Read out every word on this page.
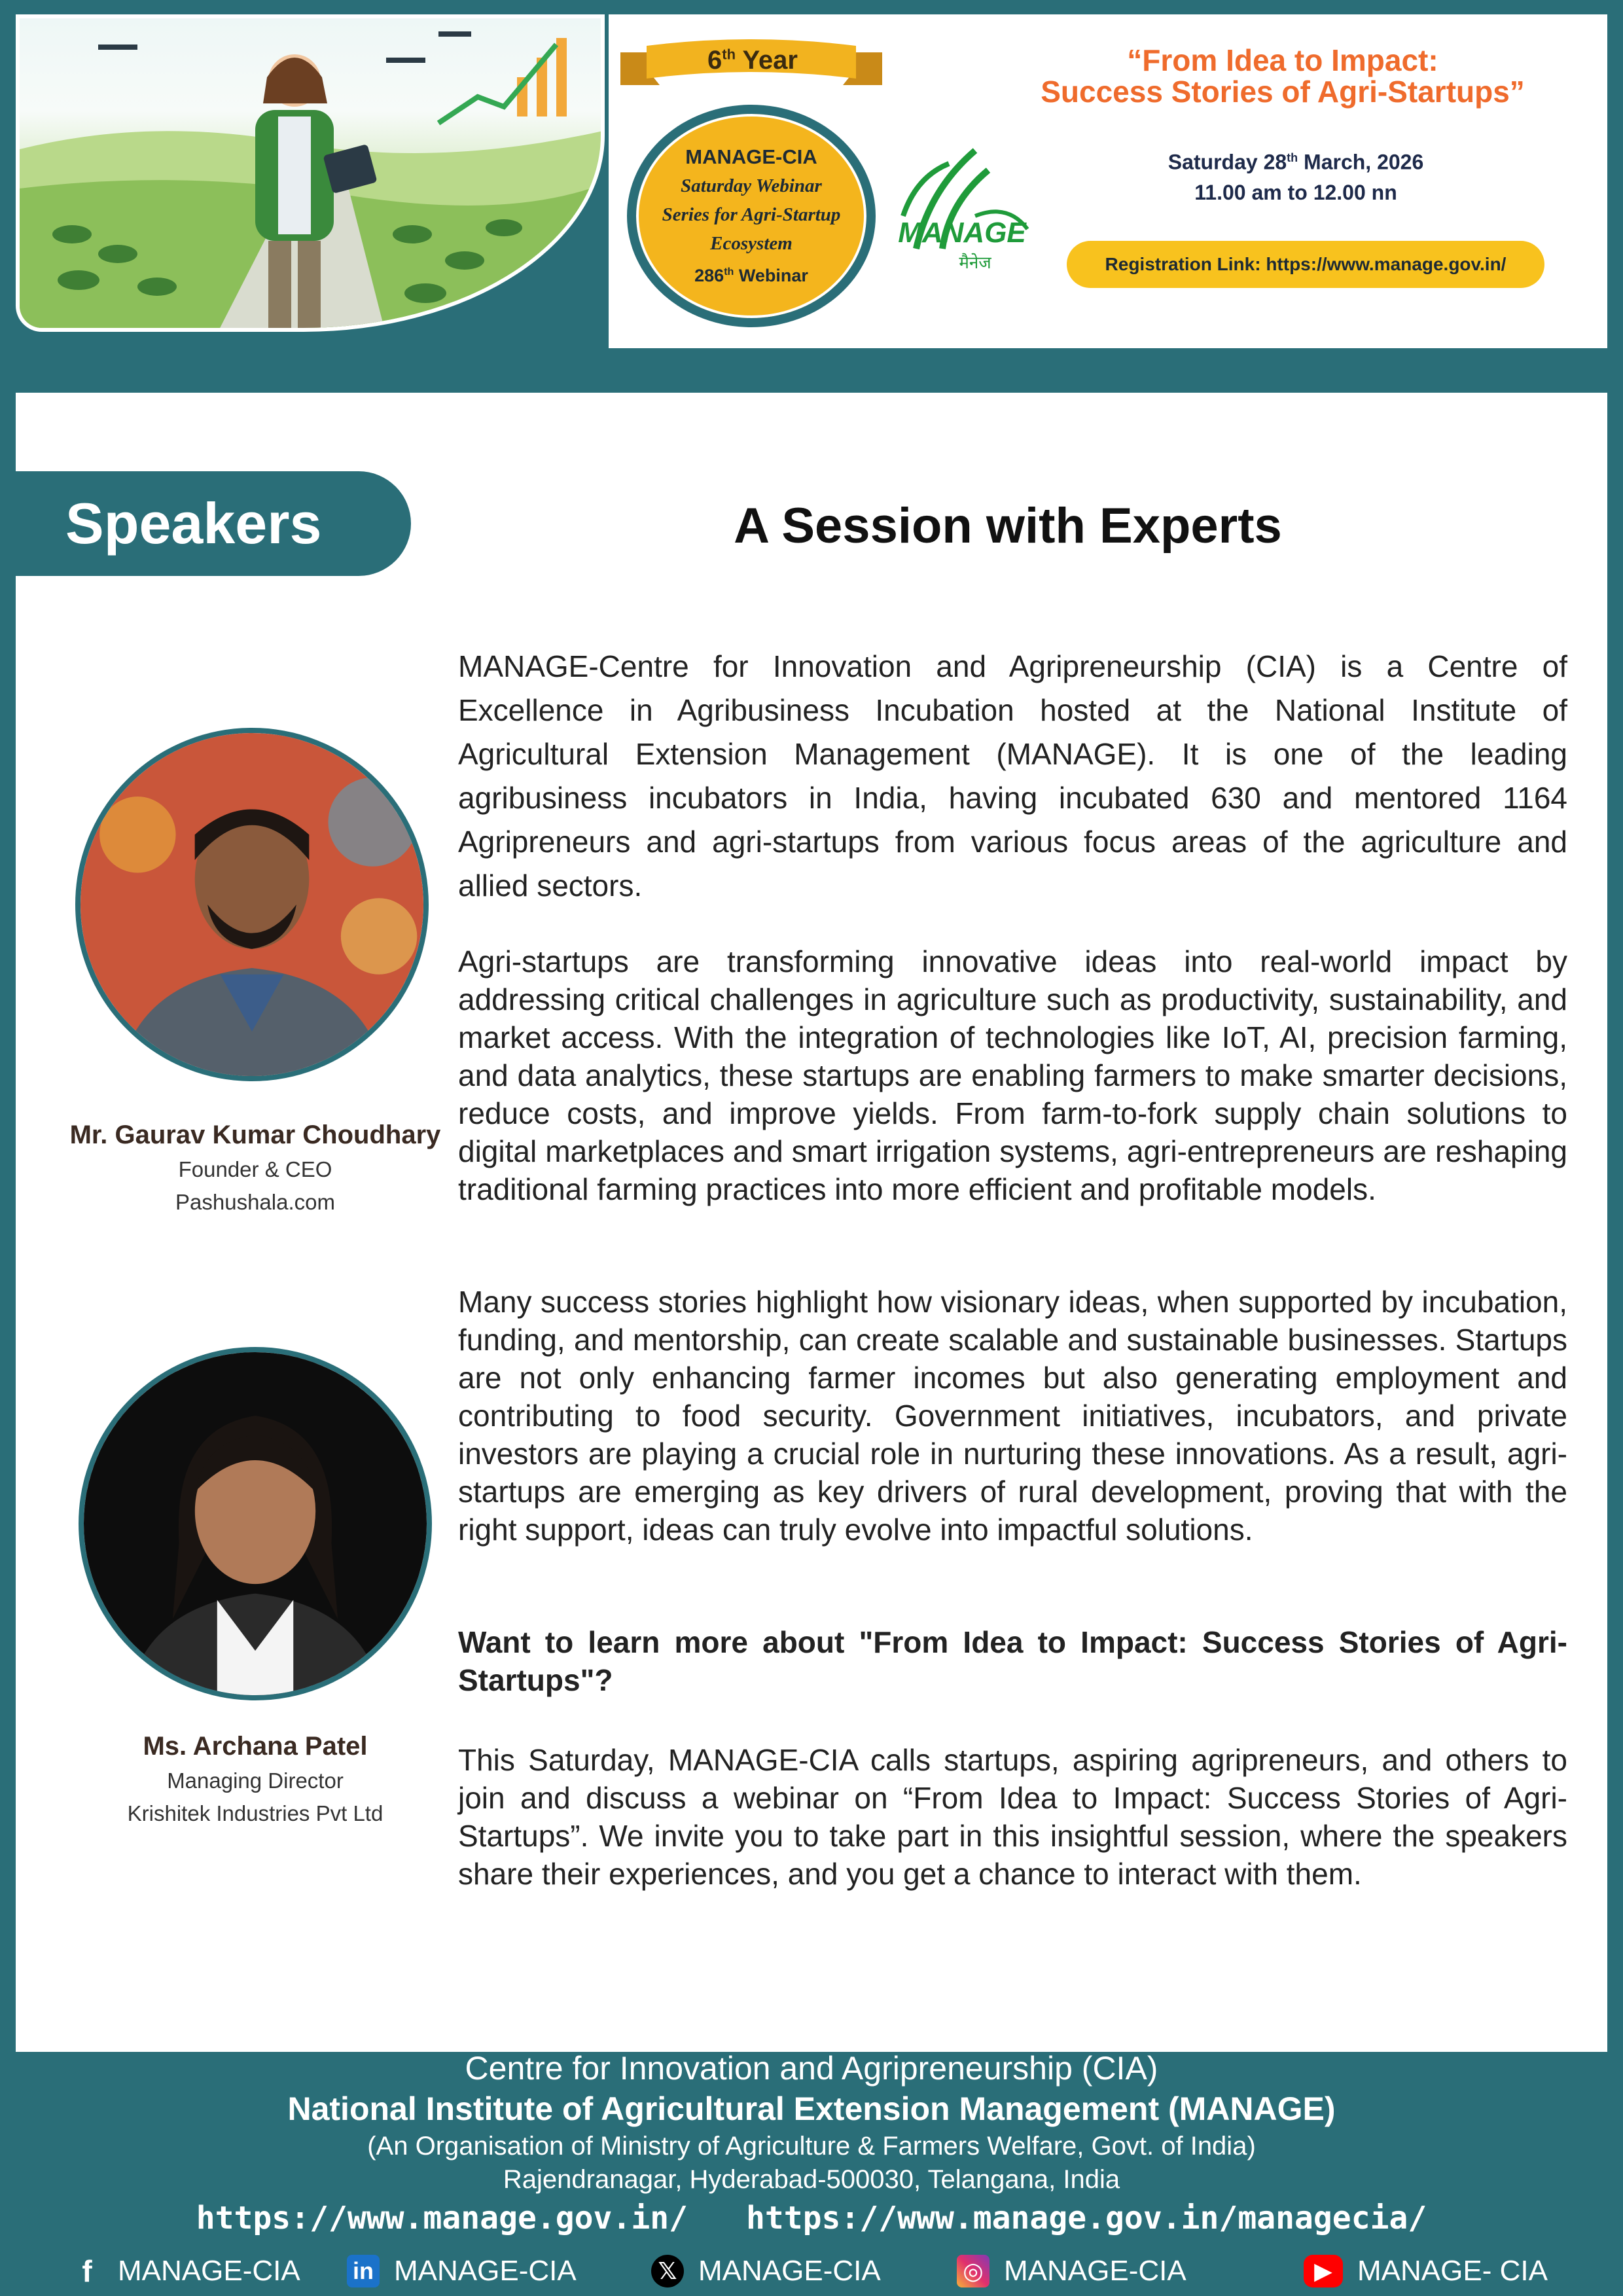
6th Year
MANAGE-CIA
Saturday Webinar
Series for Agri-Startup
Ecosystem
286th Webinar
MANAGE
मैनेज
“From Idea to Impact:
Success Stories of Agri-Startups”
Saturday 28th March, 2026
11.00 am to 12.00 nn
Registration Link: https://www.manage.gov.in/
Speakers	A Session with Experts
Mr. Gaurav Kumar Choudhary
Founder & CEO
Pashushala.com
Ms. Archana Patel
Managing Director
Krishitek Industries Pvt Ltd

MANAGE-Centre for Innovation and Agripreneurship (CIA) is a Centre of Excellence in Agribusiness Incubation hosted at the National Institute of Agricultural Extension Management (MANAGE). It is one of the leading agribusiness incubators in India, having incubated 630 and mentored 1164 Agripreneurs and agri-startups from various focus areas of the agriculture and allied sectors.

Agri-startups are transforming innovative ideas into real-world impact by addressing critical challenges in agriculture such as productivity, sustainability, and market access. With the integration of technologies like IoT, AI, precision farming, and data analytics, these startups are enabling farmers to make smarter decisions, reduce costs, and improve yields. From farm-to-fork supply chain solutions to digital marketplaces and smart irrigation systems, agri-entrepreneurs are reshaping traditional farming practices into more efficient and profitable models.

Many success stories highlight how visionary ideas, when supported by incubation, funding, and mentorship, can create scalable and sustainable businesses. Startups are not only enhancing farmer incomes but also generating employment and contributing to food security. Government initiatives, incubators, and private investors are playing a crucial role in nurturing these innovations. As a result, agri-startups are emerging as key drivers of rural development, proving that with the right support, ideas can truly evolve into impactful solutions.

Want to learn more about "From Idea to Impact: Success Stories of Agri-Startups"?

This Saturday, MANAGE-CIA calls startups, aspiring agripreneurs, and others to join and discuss a webinar on “From Idea to Impact: Success Stories of Agri-Startups”. We invite you to take part in this insightful session, where the speakers share their experiences, and you get a chance to interact with them.

Centre for Innovation and Agripreneurship (CIA)
National Institute of Agricultural Extension Management (MANAGE)
(An Organisation of Ministry of Agriculture & Farmers Welfare, Govt. of India)
Rajendranagar, Hyderabad-500030, Telangana, India
https://www.manage.gov.in/ https://www.manage.gov.in/managecia/
f MANAGE-CIA in MANAGE-CIA	𝕏 MANAGE-CIA	◎ MANAGE-CIA	▶ MANAGE- CIA
